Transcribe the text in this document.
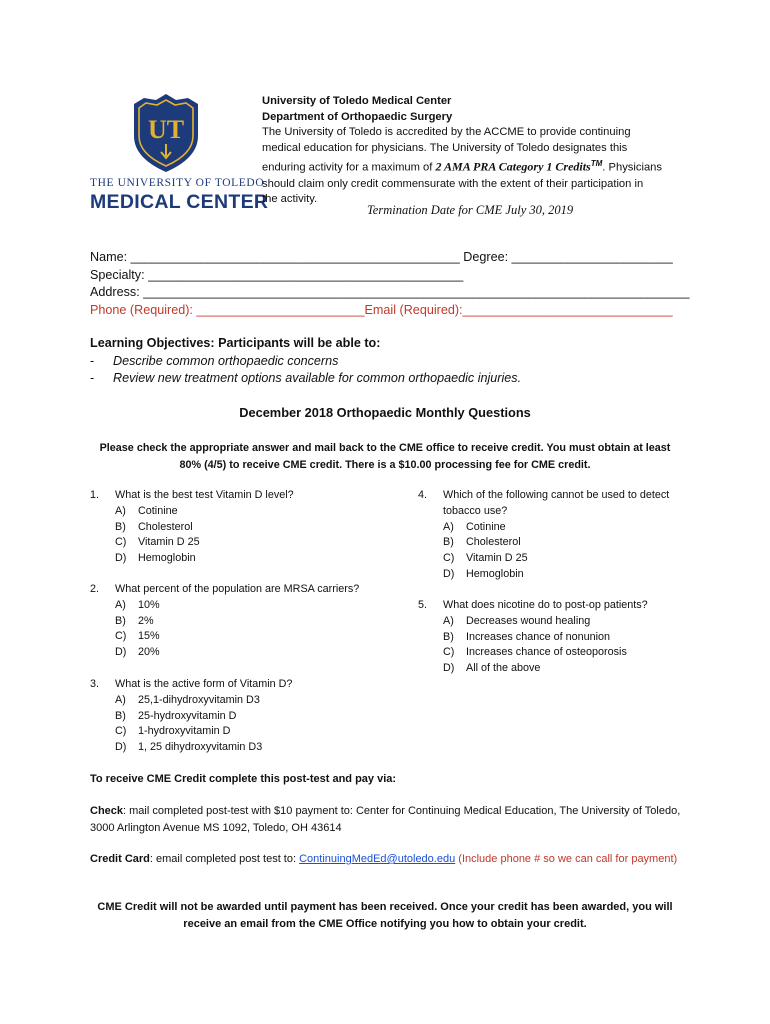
UT
THE UNIVERSITY OF TOLEDO
MEDICAL CENTER
University of Toledo Medical Center
Department of Orthopaedic Surgery
The University of Toledo is accredited by the ACCME to provide continuing
medical education for physicians. The University of Toledo designates this
enduring activity for a maximum of 2 AMA PRA Category 1 Credits™. Physicians
should claim only credit commensurate with the extent of their participation in
the activity.
Termination Date for CME July 30, 2019
Name: _______________________________________________ Degree: _______________________
Specialty: _____________________________________________
Address: ______________________________________________________________________________
Phone (Required): ________________________Email (Required):______________________________
Learning Objectives: Participants will be able to:
-	Describe common orthopaedic concerns
-	Review new treatment options available for common orthopaedic injuries.
December 2018 Orthopaedic Monthly Questions
Please check the appropriate answer and mail back to the CME office to receive credit. You must obtain at least
80% (4/5) to receive CME credit. There is a $10.00 processing fee for CME credit.
1.	What is the best test Vitamin D level?
A)	Cotinine
B)	Cholesterol
C)	Vitamin D 25
D)	Hemoglobin
2.	What percent of the population are MRSA carriers?
A)	10%
B)	2%
C)	15%
D)	20%
3.	What is the active form of Vitamin D?
A)	25,1-dihydroxyvitamin D3
B)	25-hydroxyvitamin D
C)	1-hydroxyvitamin D
D)	1, 25 dihydroxyvitamin D3
4.	Which of the following cannot be used to detect
tobacco use?
A)	Cotinine
B)	Cholesterol
C)	Vitamin D 25
D)	Hemoglobin
5.	What does nicotine do to post-op patients?
A)	Decreases wound healing
B)	Increases chance of nonunion
C)	Increases chance of osteoporosis
D)	All of the above
To receive CME Credit complete this post-test and pay via:
Check: mail completed post-test with $10 payment to: Center for Continuing Medical Education, The University of Toledo, 3000 Arlington Avenue MS 1092, Toledo, OH 43614
Credit Card: email completed post test to: ContinuingMedEd@utoledo.edu (Include phone # so we can call for payment)
CME Credit will not be awarded until payment has been received. Once your credit has been awarded, you will
receive an email from the CME Office notifying you how to obtain your credit.
